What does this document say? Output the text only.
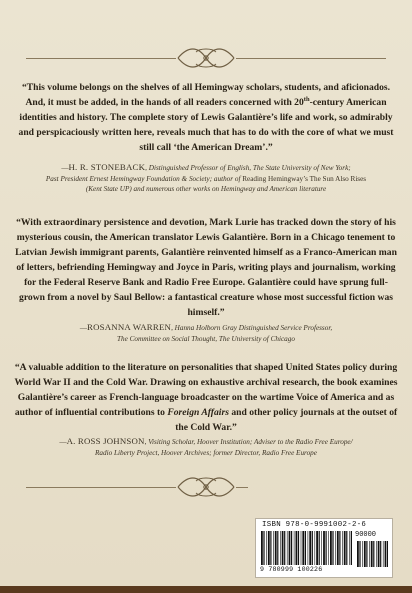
“This volume belongs on the shelves of all Hemingway scholars, students, and aficionados. And, it must be added, in the hands of all readers concerned with 20th-century American identities and history. The complete story of Lewis Galantière’s life and work, so admirably and perspicaciously written here, reveals much that has to do with the core of what we must still call ‘the American Dream’.”
—H. R. STONEBACK, Distinguished Professor of English, The State University of New York;
Past President Ernest Hemingway Foundation & Society; author of Reading Hemingway’s The Sun Also Rises
(Kent State UP) and numerous other works on Hemingway and American literature
“With extraordinary persistence and devotion, Mark Lurie has tracked down the story of his mysterious cousin, the American translator Lewis Galantière. Born in a Chicago tenement to Latvian Jewish immigrant parents, Galantière reinvented himself as a Franco-American man of letters, befriending Hemingway and Joyce in Paris, writing plays and journalism, working for the Federal Reserve Bank and Radio Free Europe. Galantière could have sprung full-grown from a novel by Saul Bellow: a fantastical creature whose most successful fiction was himself.”
—ROSANNA WARREN, Hanna Holborn Gray Distinguished Service Professor,
The Committee on Social Thought, The University of Chicago
“A valuable addition to the literature on personalities that shaped United States policy during World War II and the Cold War. Drawing on exhaustive archival research, the book examines Galantière’s career as French-language broadcaster on the wartime Voice of America and as author of influential contributions to Foreign Affairs and other policy journals at the outset of the Cold War.”
—A. ROSS JOHNSON, Visiting Scholar, Hoover Institution; Adviser to the Radio Free Europe/
Radio Liberty Project, Hoover Archives; former Director, Radio Free Europe
ISBN 978-0-9991002-2-6
90000
9 780999 100226
